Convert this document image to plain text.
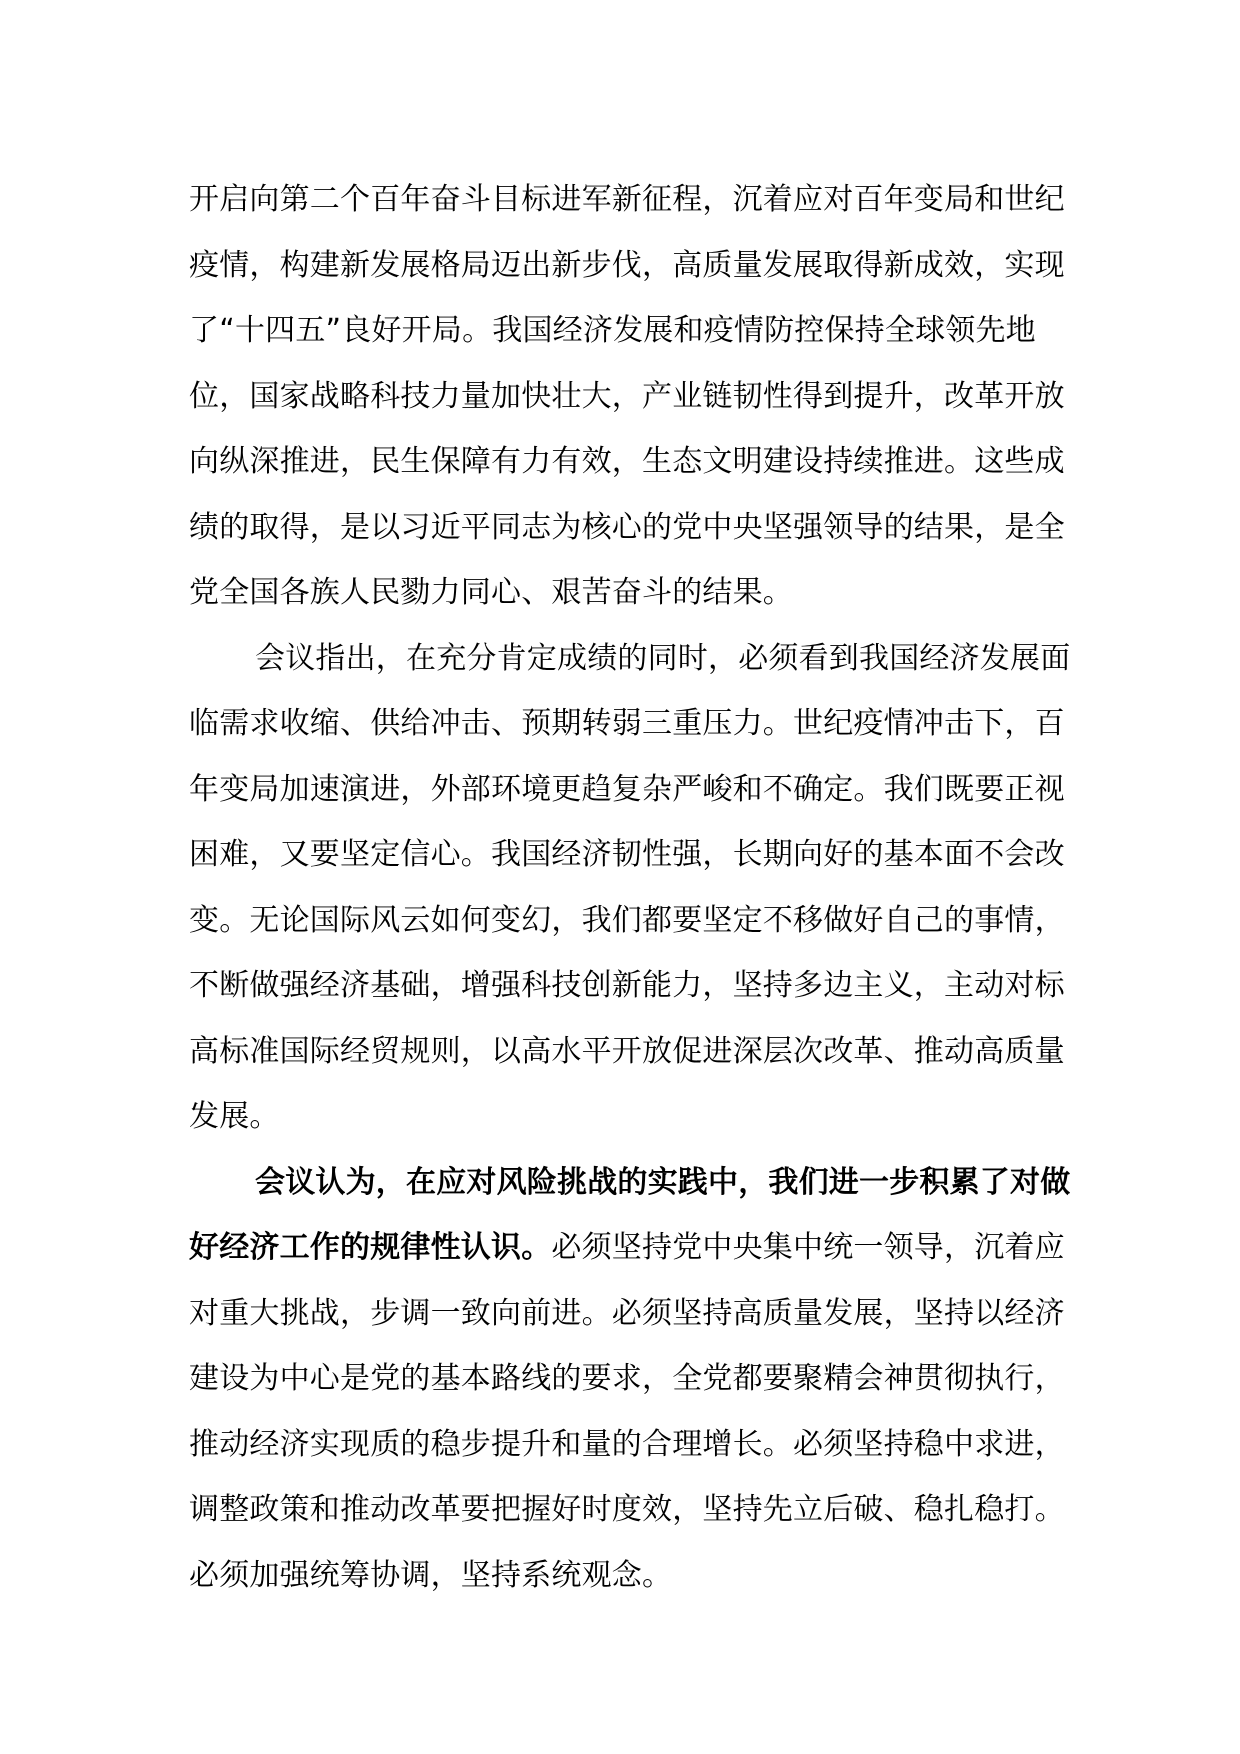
开启向第二个百年奋斗目标进军新征程，沉着应对百年变局和世纪
疫情，构建新发展格局迈出新步伐，高质量发展取得新成效，实现
了“十四五”良好开局。我国经济发展和疫情防控保持全球领先地
位，国家战略科技力量加快壮大，产业链韧性得到提升，改革开放
向纵深推进，民生保障有力有效，生态文明建设持续推进。这些成
绩的取得，是以习近平同志为核心的党中央坚强领导的结果，是全
党全国各族人民勠力同心、艰苦奋斗的结果。
会议指出，在充分肯定成绩的同时，必须看到我国经济发展面
临需求收缩、供给冲击、预期转弱三重压力。世纪疫情冲击下，百
年变局加速演进，外部环境更趋复杂严峻和不确定。我们既要正视
困难，又要坚定信心。我国经济韧性强，长期向好的基本面不会改
变。无论国际风云如何变幻，我们都要坚定不移做好自己的事情，
不断做强经济基础，增强科技创新能力，坚持多边主义，主动对标
高标准国际经贸规则，以高水平开放促进深层次改革、推动高质量
发展。
会议认为，在应对风险挑战的实践中，我们进一步积累了对做
好经济工作的规律性认识。必须坚持党中央集中统一领导，沉着应
对重大挑战，步调一致向前进。必须坚持高质量发展，坚持以经济
建设为中心是党的基本路线的要求，全党都要聚精会神贯彻执行，
推动经济实现质的稳步提升和量的合理增长。必须坚持稳中求进，
调整政策和推动改革要把握好时度效，坚持先立后破、稳扎稳打。
必须加强统筹协调，坚持系统观念。
